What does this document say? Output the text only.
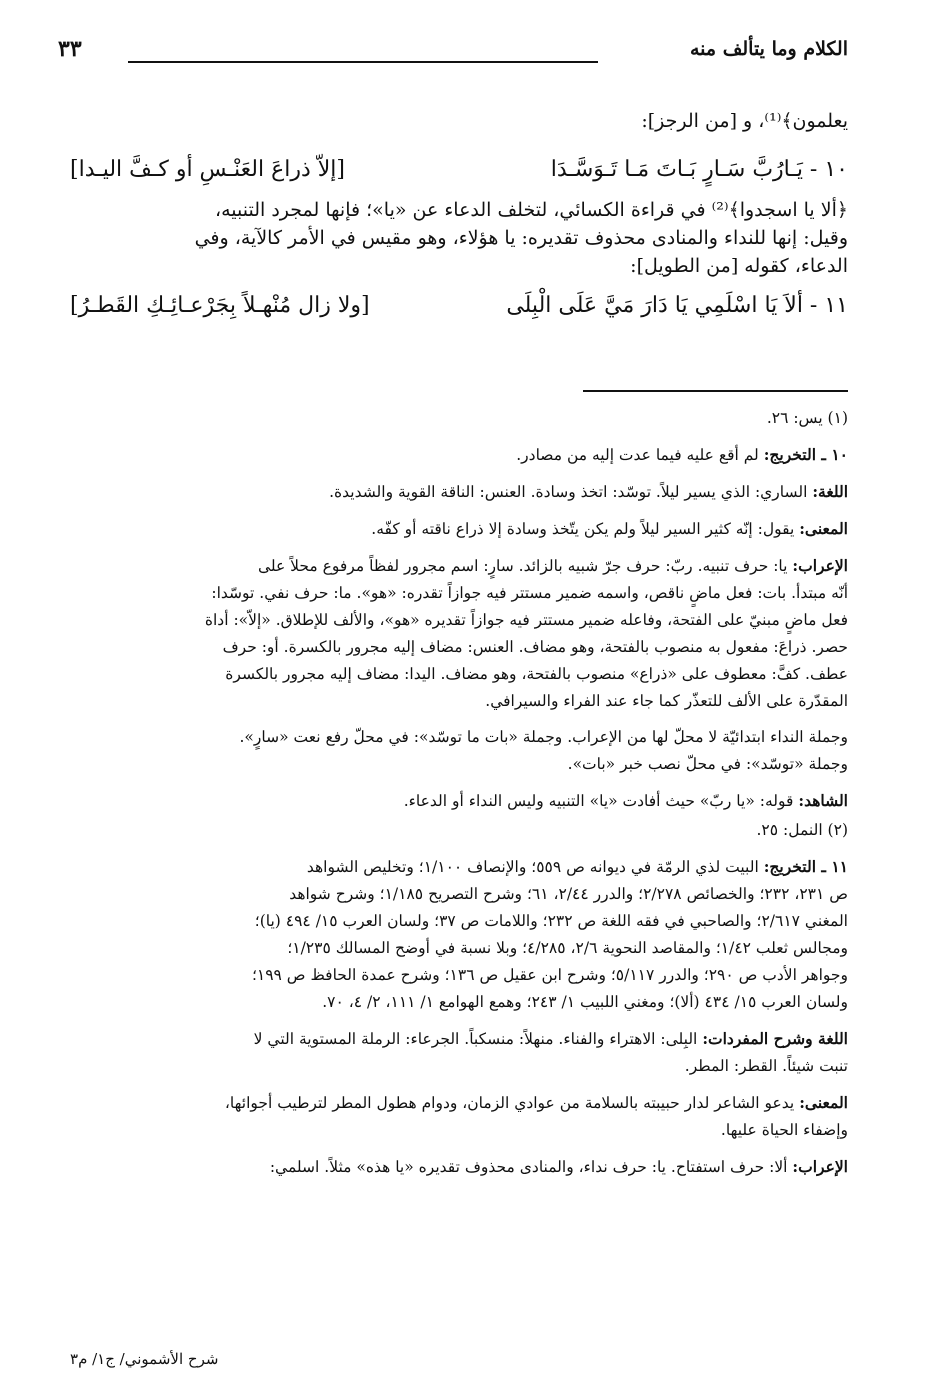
الكلام وما يتألف منه
٣٣
يعلمون﴾⁽¹⁾، و [من الرجز]:
١٠ - يَـارُبَّ سَـارٍ بَـاتَ مَـا تَـوَسَّـدَا
[إلاّ ذراعَ العَنْـسِ أو كـفَّ اليـدا]

﴿ألا يا اسجدوا﴾⁽²⁾ في قراءة الكسائي، لتخلف الدعاء عن «يا»؛ فإنها لمجرد التنبيه،

وقيل: إنها للنداء والمنادى محذوف تقديره: يا هؤلاء، وهو مقيس في الأمر كالآية، وفي

الدعاء، كقوله [من الطويل]:

١١ - ألاَ يَا اسْلَمِي يَا دَارَ مَيَّ عَلَى الْبِلَى
[ولا زال مُنْهـلاً بِجَرْعـائِـكِ القَطـرُ]

(١) يس: ٢٦.

١٠ ـ التخريج: لم أقع عليه فيما عدت إليه من مصادر.

اللغة: الساري: الذي يسير ليلاً. توسّد: اتخذ وسادة. العنس: الناقة القوية والشديدة.

المعنى: يقول: إنّه كثير السير ليلاً ولم يكن يتّخذ وسادة إلا ذراع ناقته أو كفّه.

الإعراب: يا: حرف تنبيه. ربّ: حرف جرّ شبيه بالزائد. سارٍ: اسم مجرور لفظاً مرفوع محلاً على

أنّه مبتدأ. بات: فعل ماضٍ ناقص، واسمه ضمير مستتر فيه جوازاً تقدره: «هو». ما: حرف نفي. توسّدا:

فعل ماضٍ مبنيّ على الفتحة، وفاعله ضمير مستتر فيه جوازاً تقديره «هو»، والألف للإطلاق. «إلاّ»: أداة

حصر. ذراعَ: مفعول به منصوب بالفتحة، وهو مضاف. العنس: مضاف إليه مجرور بالكسرة. أو: حرف

عطف. كفَّ: معطوف على «ذراع» منصوب بالفتحة، وهو مضاف. اليدا: مضاف إليه مجرور بالكسرة

المقدّرة على الألف للتعذّر كما جاء عند الفراء والسيرافي.

وجملة النداء ابتدائيّة لا محلّ لها من الإعراب. وجملة «بات ما توسّد»: في محلّ رفع نعت «سارٍ».

وجملة «توسّد»: في محلّ نصب خبر «بات».

الشاهد: قوله: «يا ربّ» حيث أفادت «يا» التنبيه وليس النداء أو الدعاء.

(٢) النمل: ٢٥.

١١ ـ التخريج: البيت لذي الرمّة في ديوانه ص ٥٥٩؛ والإنصاف ١/١٠٠؛ وتخليص الشواهد

ص ٢٣١، ٢٣٢؛ والخصائص ٢/٢٧٨؛ والدرر ٢/٤٤، ٦١؛ وشرح التصريح ١/١٨٥؛ وشرح شواهد

المغني ٢/٦١٧؛ والصاحبي في فقه اللغة ص ٢٣٢؛ واللامات ص ٣٧؛ ولسان العرب ١٥/ ٤٩٤ (يا)؛

ومجالس ثعلب ١/٤٢؛ والمقاصد النحوية ٢/٦، ٤/٢٨٥؛ وبلا نسبة في أوضح المسالك ١/٢٣٥؛

وجواهر الأدب ص ٢٩٠؛ والدرر ٥/١١٧؛ وشرح ابن عقيل ص ١٣٦؛ وشرح عمدة الحافظ ص ١٩٩؛

ولسان العرب ١٥/ ٤٣٤ (ألا)؛ ومغني اللبيب ١/ ٢٤٣؛ وهمع الهوامع ١/ ١١١، ٢/ ٤، ٧٠.

اللغة وشرح المفردات: البِلى: الاهتراء والفناء. منهلاً: منسكباً. الجرعاء: الرملة المستوية التي لا

تنبت شيئاً. القطر: المطر.

المعنى: يدعو الشاعر لدار حبيبته بالسلامة من عوادي الزمان، ودوام هطول المطر لترطيب أجوائها،

وإضفاء الحياة عليها.

الإعراب: ألا: حرف استفتاح. يا: حرف نداء، والمنادى محذوف تقديره «يا هذه» مثلاً. اسلمي:

شرح الأشموني/ ج١/ م٣
